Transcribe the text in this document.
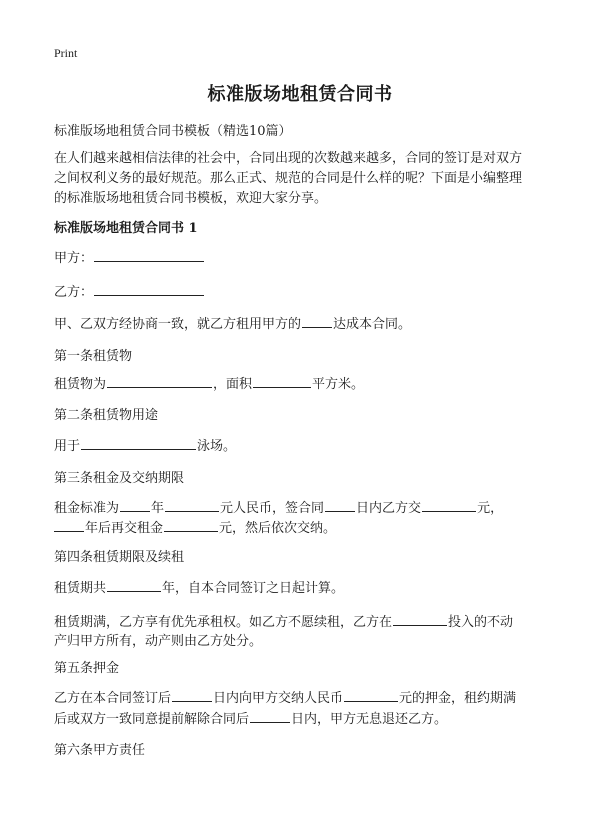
Print
标准版场地租赁合同书
标准版场地租赁合同书模板（精选10篇）
在人们越来越相信法律的社会中，合同出现的次数越来越多，合同的签订是对双方
之间权利义务的最好规范。那么正式、规范的合同是什么样的呢？下面是小编整理
的标准版场地租赁合同书模板，欢迎大家分享。
标准版场地租赁合同书 1
甲方：
乙方：
甲、乙双方经协商一致，就乙方租用甲方的 达成本合同。
第一条租赁物
租赁物为	，面积	平方米。
第二条租赁物用途
用于	泳场。
第三条租金及交纳期限
租金标准为 年	元人民币，签合同 日内乙方交	元，
年后再交租金	元，然后依次交纳。
第四条租赁期限及续租
租赁期共	年，自本合同签订之日起计算。
租赁期满，乙方享有优先承租权。如乙方不愿续租，乙方在	投入的不动
产归甲方所有，动产则由乙方处分。
第五条押金
乙方在本合同签订后	日内向甲方交纳人民币	元的押金，租约期满
后或双方一致同意提前解除合同后	日内，甲方无息退还乙方。
第六条甲方责任
